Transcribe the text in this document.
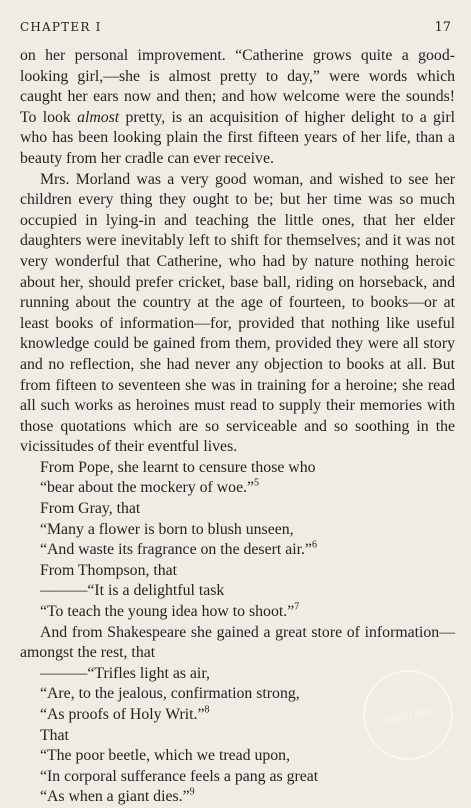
CHAPTER I	17

on her personal improvement. “Catherine grows quite a good-looking girl,—she is almost pretty to day,” were words which caught her ears now and then; and how welcome were the sounds! To look almost pretty, is an acquisition of higher delight to a girl who has been looking plain the first fifteen years of her life, than a beauty from her cradle can ever receive.

Mrs. Morland was a very good woman, and wished to see her children every thing they ought to be; but her time was so much occupied in lying-in and teaching the little ones, that her elder daughters were inevitably left to shift for themselves; and it was not very wonderful that Catherine, who had by nature nothing heroic about her, should prefer cricket, base ball, riding on horseback, and running about the country at the age of fourteen, to books—or at least books of information—for, provided that nothing like useful knowledge could be gained from them, provided they were all story and no reflection, she had never any objection to books at all. But from fifteen to seventeen she was in training for a heroine; she read all such works as heroines must read to supply their memories with those quotations which are so serviceable and so soothing in the vicissitudes of their eventful lives.

From Pope, she learnt to censure those who

“bear about the mockery of woe.”$^5$

From Gray, that

“Many a flower is born to blush unseen,

“And waste its fragrance on the desert air.”$^6$

From Thompson, that

———“It is a delightful task

“To teach the young idea how to shoot.”$^7$

And from Shakespeare she gained a great store of information—amongst the rest, that

———“Trifles light as air,

“Are, to the jealous, confirmation strong,

“As proofs of Holy Writ.”$^8$

That

“The poor beetle, which we tread upon,

“In corporal sufferance feels a pang as great

“As when a giant dies.”$^9$

中商进口图书
